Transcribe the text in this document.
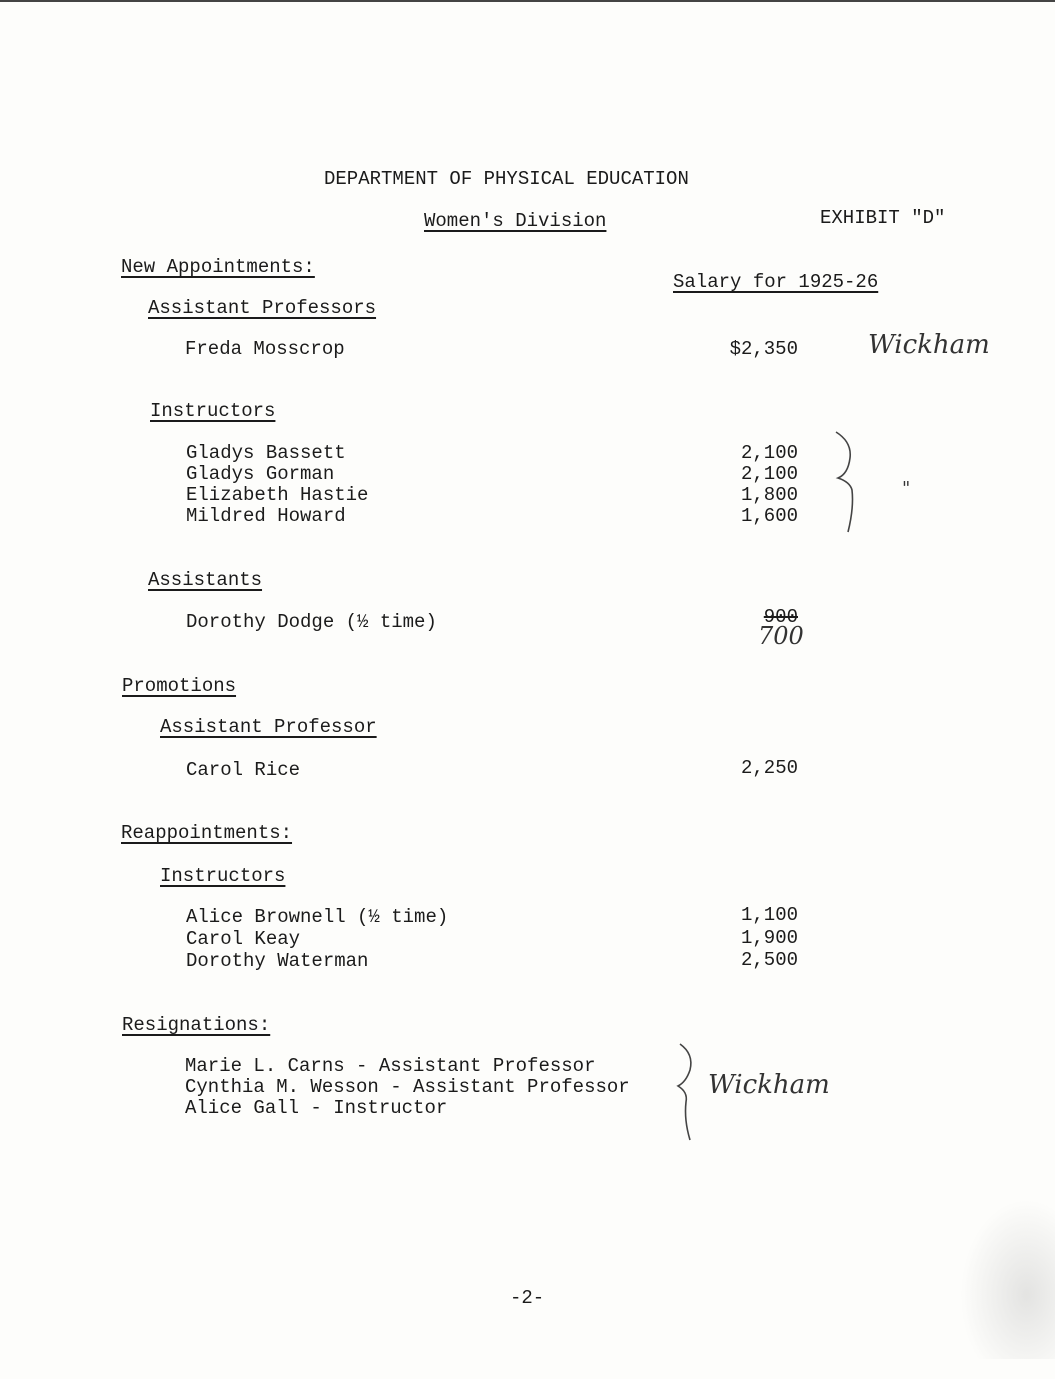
DEPARTMENT OF PHYSICAL EDUCATION
Women's Division	EXHIBIT "D"
New Appointments:
Salary for 1925-26
Assistant Professors
Freda Mosscrop	$2,350	Wickham
Instructors
Gladys Bassett	2,100
Gladys Gorman	2,100
Elizabeth Hastie	1,800
Mildred Howard	1,600
"
Assistants
Dorothy Dodge (½ time)	900
700
Promotions
Assistant Professor
Carol Rice	2,250
Reappointments:
Instructors
Alice Brownell (½ time)	1,100
Carol Keay	1,900
Dorothy Waterman	2,500
Resignations:
Marie L. Carns - Assistant Professor
Cynthia M. Wesson - Assistant Professor
Alice Gall - Instructor
Wickham
-2-
